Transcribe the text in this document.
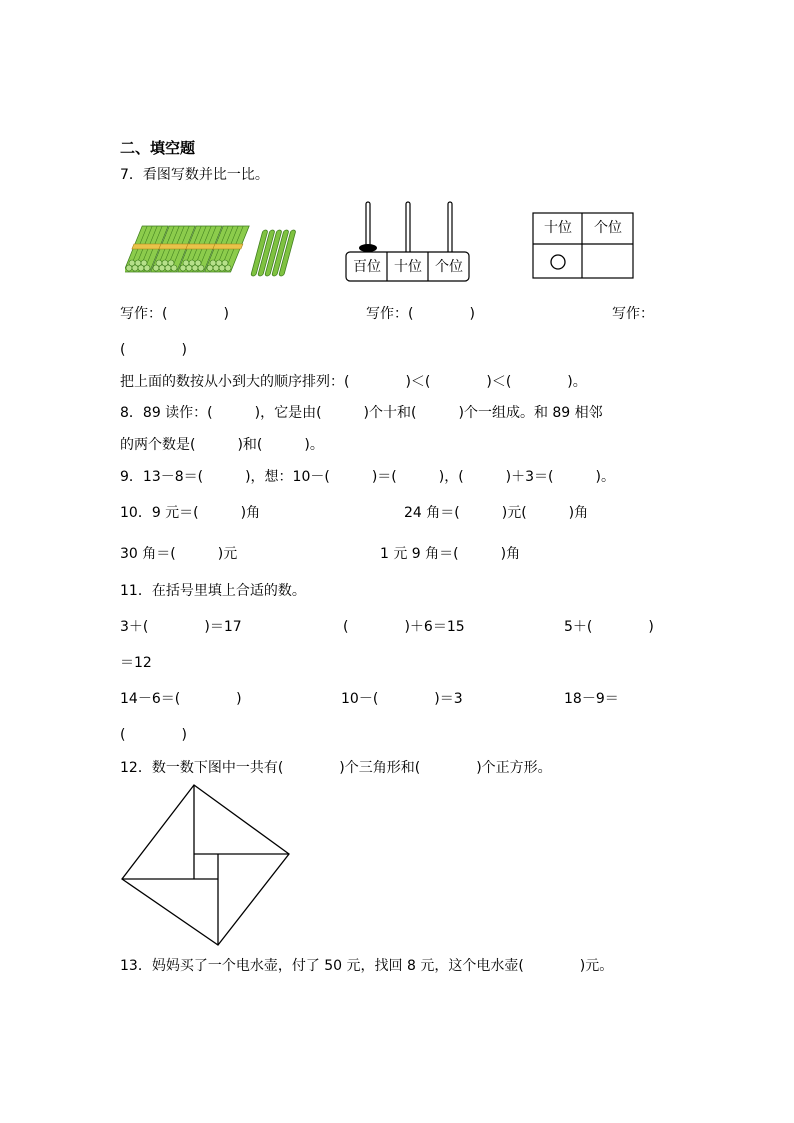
二、填空题
7．看图写数并比一比。
百位 十位 个位
十位	个位
写作：(　　　　)	写作：(　　　　)	写作：
(　　　　)
把上面的数按从小到大的顺序排列：(　　　　)＜(　　　　)＜(　　　　)。
8．89 读作：(　　　)，它是由(　　　)个十和(　　　)个一组成。和 89 相邻
的两个数是(　　　)和(　　　)。
9．13－8＝(　　　)，想：10－(　　　)＝(　　　)，(　　　)＋3＝(　　　)。
10．9 元＝(　　　)角	24 角＝(　　　)元(　　　)角
30 角＝(　　　)元	1 元 9 角＝(　　　)角
11．在括号里填上合适的数。
3＋(　　　　)＝17	(　　　　)＋6＝15	5＋(　　　　)
＝12
14－6＝(　　　　)	10－(　　　　)＝3	18－9＝
(　　　　)
12．数一数下图中一共有(　　　　)个三角形和(　　　　)个正方形。
13．妈妈买了一个电水壶，付了 50 元，找回 8 元，这个电水壶(　　　　)元。
